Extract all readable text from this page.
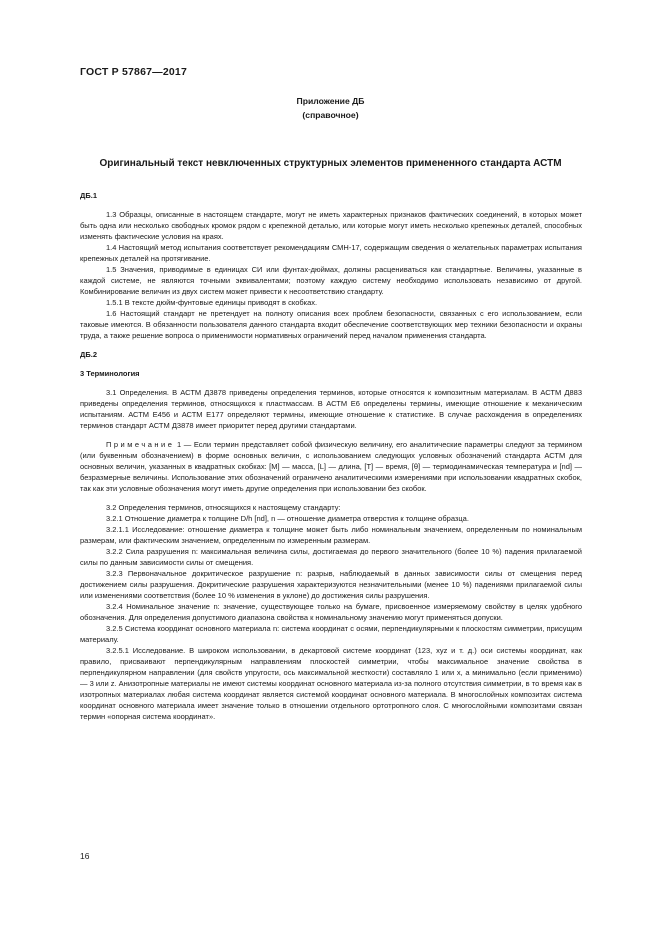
ГОСТ Р 57867—2017
Приложение ДБ
(справочное)
Оригинальный текст невключенных структурных элементов примененного стандарта АСТМ

ДБ.1

1.3 Образцы, описанные в настоящем стандарте, могут не иметь характерных признаков фактических соединений, в которых может быть одна или несколько свободных кромок рядом с крепежной деталью, или которые могут иметь несколько крепежных деталей, способных изменять фактические условия на краях.

1.4 Настоящий метод испытания соответствует рекомендациям СМН-17, содержащим сведения о желательных параметрах испытания крепежных деталей на протягивание.

1.5 Значения, приводимые в единицах СИ или фунтах-дюймах, должны расцениваться как стандартные. Величины, указанные в каждой системе, не являются точными эквивалентами; поэтому каждую систему необходимо использовать независимо от другой. Комбинирование величин из двух систем может привести к несоответствию стандарту.

1.5.1 В тексте дюйм-фунтовые единицы приводят в скобках.

1.6 Настоящий стандарт не претендует на полноту описания всех проблем безопасности, связанных с его использованием, если таковые имеются. В обязанности пользователя данного стандарта входит обеспечение соответствующих мер техники безопасности и охраны труда, а также решение вопроса о применимости нормативных ограничений перед началом применения стандарта.

ДБ.2

3 Терминология

3.1 Определения. В АСТМ Д3878 приведены определения терминов, которые относятся к композитным материалам. В АСТМ Д883 приведены определения терминов, относящихся к пластмассам. В АСТМ Е6 определены термины, имеющие отношение к механическим испытаниям. АСТМ Е456 и АСТМ Е177 определяют термины, имеющие отношение к статистике. В случае расхождения в определениях терминов стандарт АСТМ Д3878 имеет приоритет перед другими стандартами.

Примечание 1 — Если термин представляет собой физическую величину, его аналитические параметры следуют за термином (или буквенным обозначением) в форме основных величин, с использованием следующих условных обозначений стандарта АСТМ для основных величин, указанных в квадратных скобках: [M] — масса, [L] — длина, [T] — время, [θ] — термодинамическая температура и [nd] — безразмерные величины. Использование этих обозначений ограничено аналитическими измерениями при использовании квадратных скобок, так как эти условные обозначения могут иметь другие определения при использовании без скобок.

3.2 Определения терминов, относящихся к настоящему стандарту:

3.2.1 Отношение диаметра к толщине D/h [nd], n — отношение диаметра отверстия к толщине образца.

3.2.1.1 Исследование: отношение диаметра к толщине может быть либо номинальным значением, определенным по номинальным размерам, или фактическим значением, определенным по измеренным размерам.

3.2.2 Сила разрушения n: максимальная величина силы, достигаемая до первого значительного (более 10 %) падения прилагаемой силы по данным зависимости силы от смещения.

3.2.3 Первоначальное докритическое разрушение n: разрыв, наблюдаемый в данных зависимости силы от смещения перед достижением силы разрушения. Докритические разрушения характеризуются незначительными (менее 10 %) падениями прилагаемой силы или изменениями соответствия (более 10 % изменения в уклоне) до достижения силы разрушения.

3.2.4 Номинальное значение n: значение, существующее только на бумаге, присвоенное измеряемому свойству в целях удобного обозначения. Для определения допустимого диапазона свойства к номинальному значению могут применяться допуски.

3.2.5 Система координат основного материала n: система координат с осями, перпендикулярными к плоскостям симметрии, присущим материалу.

3.2.5.1 Исследование. В широком использовании, в декартовой системе координат (123, xyz и т. д.) оси системы координат, как правило, присваивают перпендикулярным направлениям плоскостей симметрии, чтобы максимальное значение свойства в перпендикулярном направлении (для свойств упругости, ось максимальной жесткости) составляло 1 или x, а минимально (если применимо) — 3 или z. Анизотропные материалы не имеют системы координат основного материала из-за полного отсутствия симметрии, в то время как в изотропных материалах любая система координат является системой координат основного материала. В многослойных композитах система координат основного материала имеет значение только в отношении отдельного ортотропного слоя. С многослойными композитами связан термин «опорная система координат».

16
